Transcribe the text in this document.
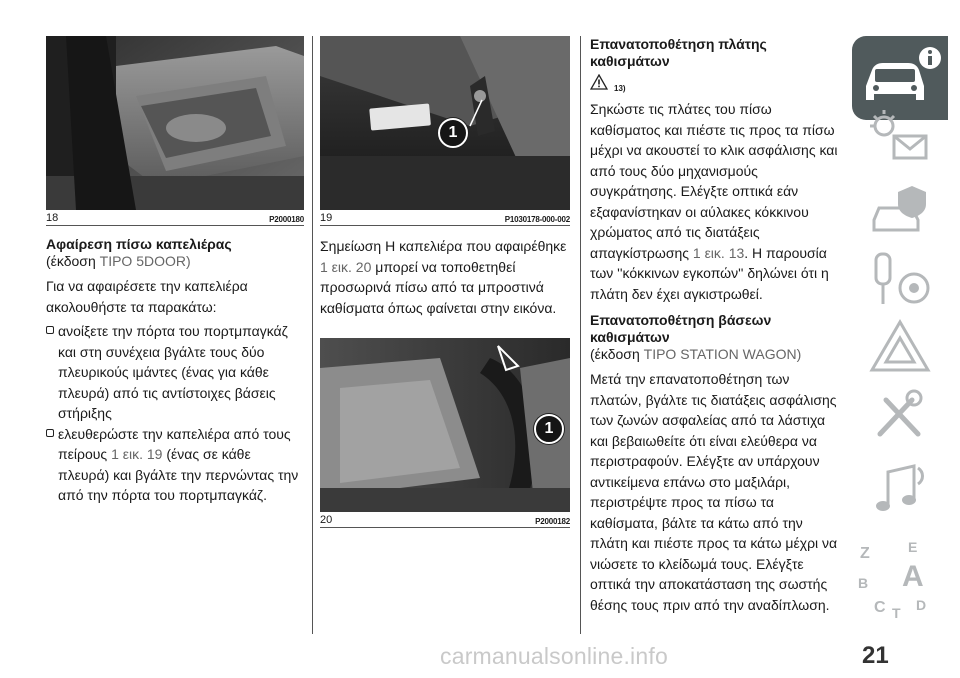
18	P2000180
Αφαίρεση πίσω καπελιέρας
(έκδοση TIPO 5DOOR)

Για να αφαιρέσετε την καπελιέρα ακολουθήστε τα παρακάτω:

ανοίξετε την πόρτα του πορτμπαγκάζ και στη συνέχεια βγάλτε τους δύο πλευρικούς ιμάντες (ένας για κάθε πλευρά) από τις αντίστοιχες βάσεις στήριξης

ελευθερώστε την καπελιέρα από τους πείρους 1 εικ. 19 (ένας σε κάθε πλευρά) και βγάλτε την περνώντας την από την πόρτα του πορτμπαγκάζ.

1
19	P1030178-000-002

Σημείωση Η καπελιέρα που αφαιρέθηκε 1 εικ. 20 μπορεί να τοποθετηθεί προσωρινά πίσω από τα μπροστινά καθίσματα όπως φαίνεται στην εικόνα.

1
20	P2000182
Επανατοποθέτηση πλάτης καθισμάτων
13)

Σηκώστε τις πλάτες του πίσω καθίσματος και πιέστε τις προς τα πίσω μέχρι να ακουστεί το κλικ ασφάλισης και από τους δύο μηχανισμούς συγκράτησης. Ελέγξτε οπτικά εάν εξαφανίστηκαν οι αύλακες κόκκινου χρώματος από τις διατάξεις απαγκίστρωσης 1 εικ. 13. Η παρουσία των ''κόκκινων εγκοπών'' δηλώνει ότι η πλάτη δεν έχει αγκιστρωθεί.

Επανατοποθέτηση βάσεων καθισμάτων
(έκδοση TIPO STATION WAGON)

Μετά την επανατοποθέτηση των πλατών, βγάλτε τις διατάξεις ασφάλισης των ζωνών ασφαλείας από τα λάστιχα και βεβαιωθείτε ότι είναι ελεύθερα να περιστραφούν. Ελέγξτε αν υπάρχουν αντικείμενα επάνω στο μαξιλάρι, περιστρέψτε προς τα πίσω τα καθίσματα, βάλτε τα κάτω από την πλάτη και πιέστε προς τα κάτω μέχρι να νιώσετε το κλείδωμά τους. Ελέγξτε οπτικά την αποκατάσταση της σωστής θέσης τους πριν από την αναδίπλωση.

Z	E
B A
C D
T
carmanualsonline.info	21
